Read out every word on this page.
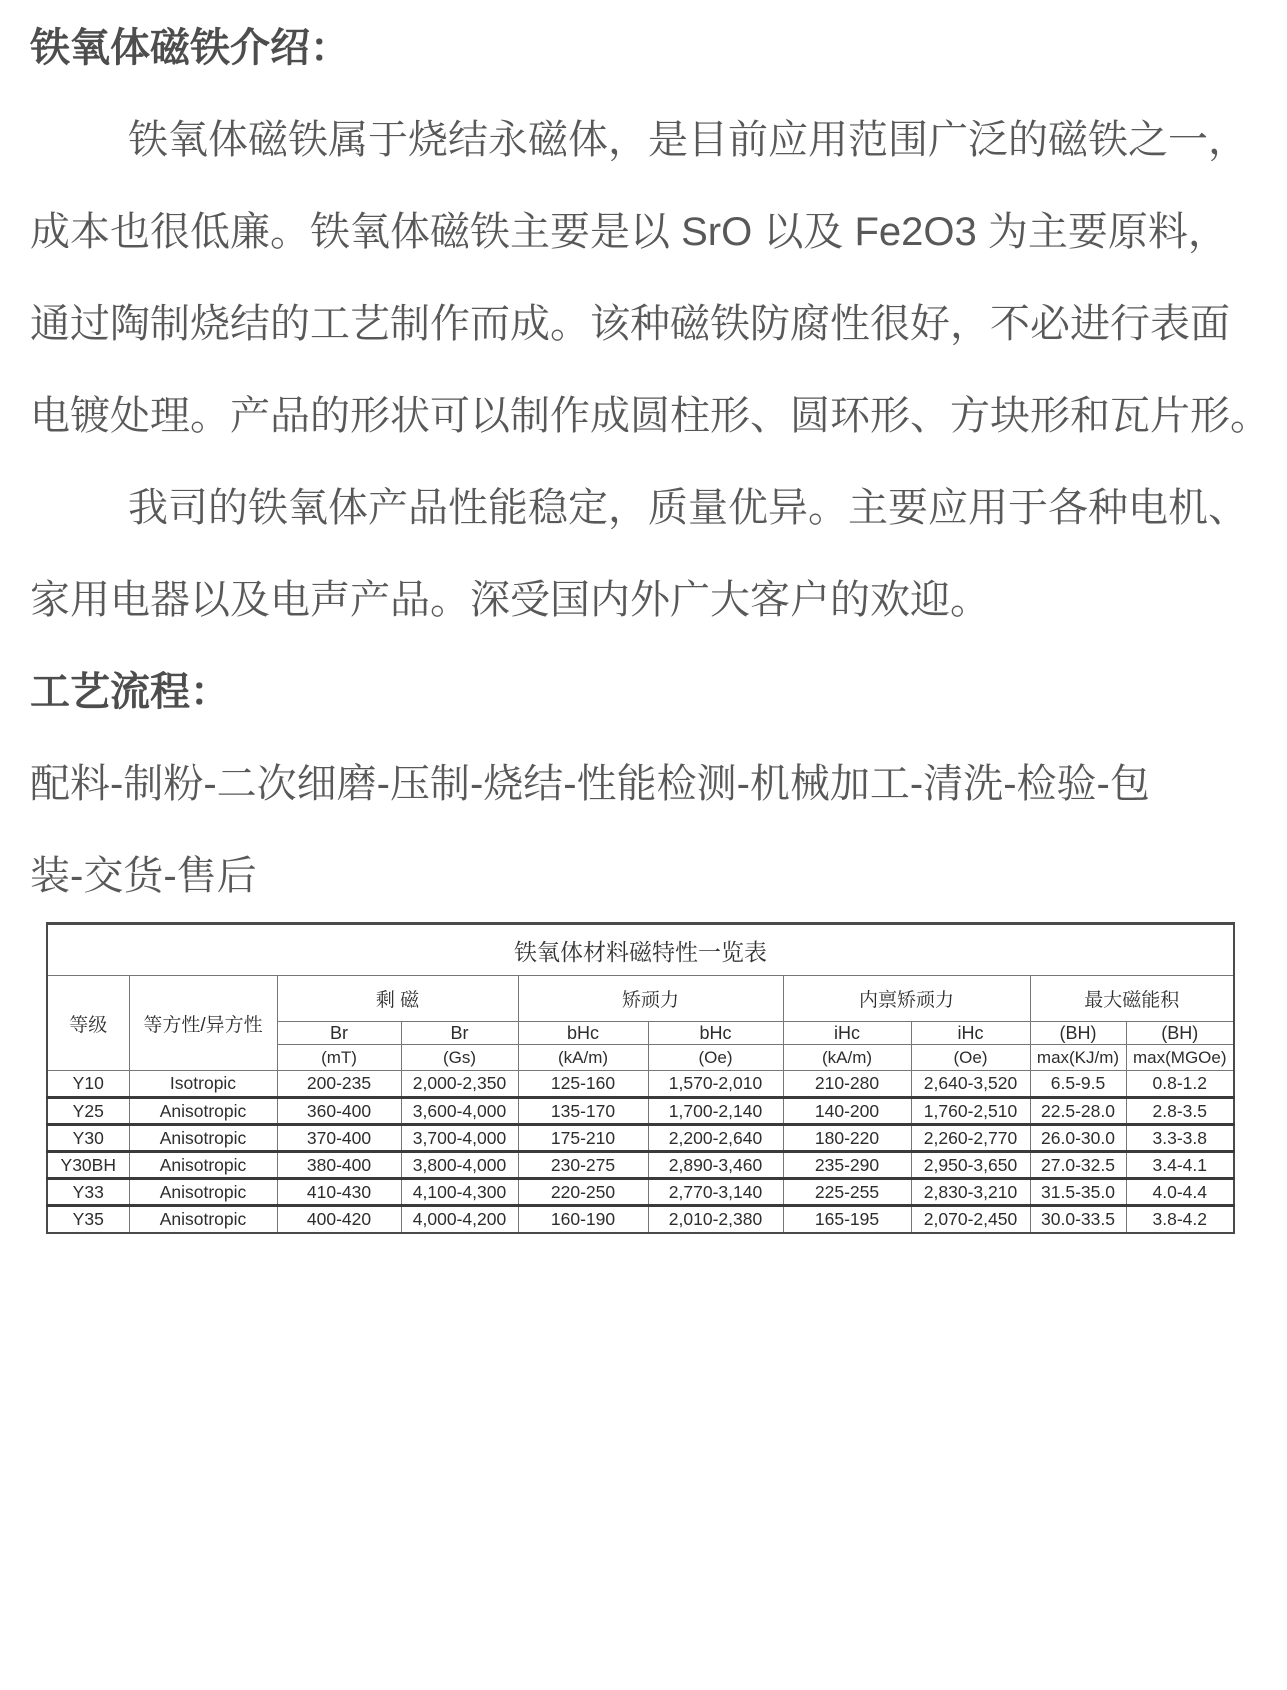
铁氧体磁铁介绍：
铁氧体磁铁属于烧结永磁体，是目前应用范围广泛的磁铁之一，
成本也很低廉。铁氧体磁铁主要是以 SrO 以及 Fe2O3 为主要原料，
通过陶制烧结的工艺制作而成。该种磁铁防腐性很好，不必进行表面
电镀处理。产品的形状可以制作成圆柱形、圆环形、方块形和瓦片形。
我司的铁氧体产品性能稳定，质量优异。主要应用于各种电机、
家用电器以及电声产品。深受国内外广大客户的欢迎。
工艺流程：
配料-制粉-二次细磨-压制-烧结-性能检测-机械加工-清洗-检验-包
装-交货-售后
铁氧体材料磁特性一览表									
等级	等方性/异方性	剩 磁		矫顽力		内禀矫顽力		最大磁能积	
		Br	Br	bHc	bHc	iHc	iHc	(BH)	(BH)
		(mT)	(Gs)	(kA/m)	(Oe)	(kA/m)	(Oe)	max(KJ/m)	max(MGOe)
Y10	Isotropic	200-235	2,000-2,350	125-160	1,570-2,010	210-280	2,640-3,520	6.5-9.5	0.8-1.2
Y25	Anisotropic	360-400	3,600-4,000	135-170	1,700-2,140	140-200	1,760-2,510	22.5-28.0	2.8-3.5
Y30	Anisotropic	370-400	3,700-4,000	175-210	2,200-2,640	180-220	2,260-2,770	26.0-30.0	3.3-3.8
Y30BH	Anisotropic	380-400	3,800-4,000	230-275	2,890-3,460	235-290	2,950-3,650	27.0-32.5	3.4-4.1
Y33	Anisotropic	410-430	4,100-4,300	220-250	2,770-3,140	225-255	2,830-3,210	31.5-35.0	4.0-4.4
Y35	Anisotropic	400-420	4,000-4,200	160-190	2,010-2,380	165-195	2,070-2,450	30.0-33.5	3.8-4.2
